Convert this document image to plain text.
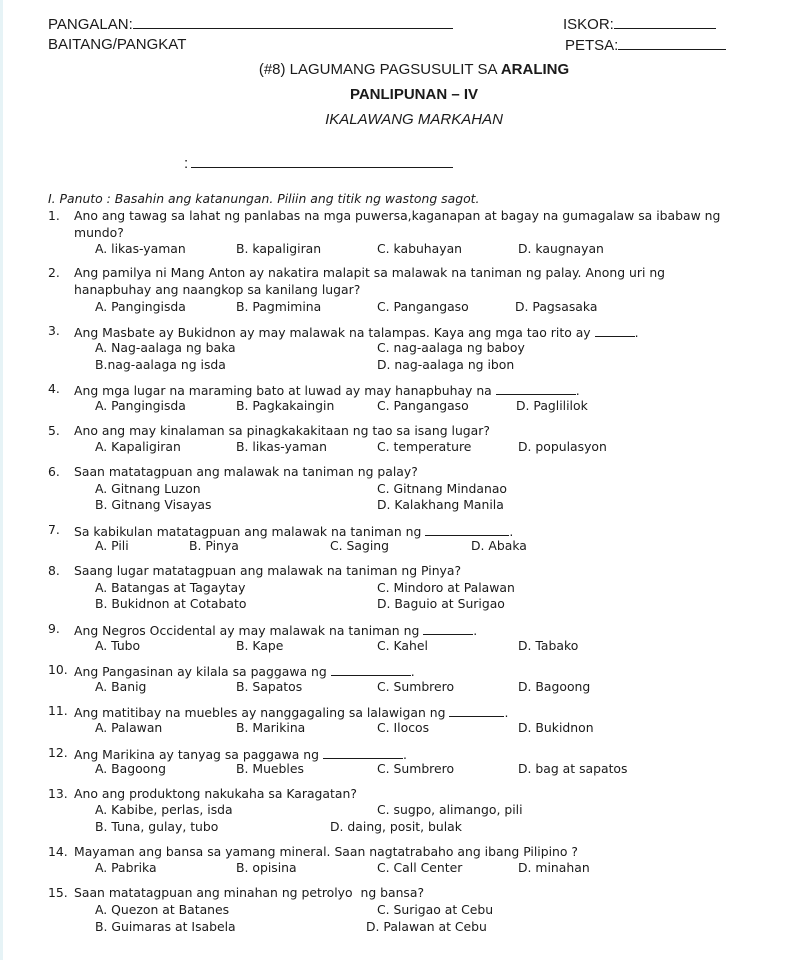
PANGALAN:	ISKOR:
BAITANG/PANGKAT	PETSA:
(#8) LAGUMANG PAGSUSULIT SA ARALING
PANLIPUNAN – IV
IKALAWANG MARKAHAN
:
I. Panuto : Basahin ang katanungan. Piliin ang titik ng wastong sagot.
1. Ano ang tawag sa lahat ng panlabas na mga puwersa,kaganapan at bagay na gumagalaw sa ibabaw ng
mundo?
A. likas-yaman	B. kapaligiran	C. kabuhayan	D. kaugnayan
2. Ang pamilya ni Mang Anton ay nakatira malapit sa malawak na taniman ng palay. Anong uri ng
hanapbuhay ang naangkop sa kanilang lugar?
A. Pangingisda	B. Pagmimina	C. Pangangaso	D. Pagsasaka
3. Ang Masbate ay Bukidnon ay may malawak na talampas. Kaya ang mga tao rito ay	.
A. Nag-aalaga ng baka	C. nag-aalaga ng baboy
B.nag-aalaga ng isda	D. nag-aalaga ng ibon
4. Ang mga lugar na maraming bato at luwad ay may hanapbuhay na	.
A. Pangingisda	B. Pagkakaingin	C. Pangangaso	D. Paglililok
5. Ano ang may kinalaman sa pinagkakakitaan ng tao sa isang lugar?
A. Kapaligiran	B. likas-yaman	C. temperature	D. populasyon
6. Saan matatagpuan ang malawak na taniman ng palay?
A. Gitnang Luzon	C. Gitnang Mindanao
B. Gitnang Visayas	D. Kalakhang Manila
7. Sa kabikulan matatagpuan ang malawak na taniman ng	.
A. Pili	B. Pinya	C. Saging	D. Abaka
8. Saang lugar matatagpuan ang malawak na taniman ng Pinya?
A. Batangas at Tagaytay	C. Mindoro at Palawan
B. Bukidnon at Cotabato	D. Baguio at Surigao
9. Ang Negros Occidental ay may malawak na taniman ng	.
A. Tubo	B. Kape	C. Kahel	D. Tabako
10. Ang Pangasinan ay kilala sa paggawa ng	.
A. Banig	B. Sapatos	C. Sumbrero	D. Bagoong
11. Ang matitibay na muebles ay nanggagaling sa lalawigan ng	.
A. Palawan	B. Marikina	C. Ilocos	D. Bukidnon
12. Ang Marikina ay tanyag sa paggawa ng	.
A. Bagoong	B. Muebles	C. Sumbrero	D. bag at sapatos
13. Ano ang produktong nakukaha sa Karagatan?
A. Kabibe, perlas, isda	C. sugpo, alimango, pili
B. Tuna, gulay, tubo	D. daing, posit, bulak
14. Mayaman ang bansa sa yamang mineral. Saan nagtatrabaho ang ibang Pilipino ?
A. Pabrika	B. opisina	C. Call Center	D. minahan
15. Saan matatagpuan ang minahan ng petrolyo  ng bansa?
A. Quezon at Batanes	C. Surigao at Cebu
B. Guimaras at Isabela	D. Palawan at Cebu
